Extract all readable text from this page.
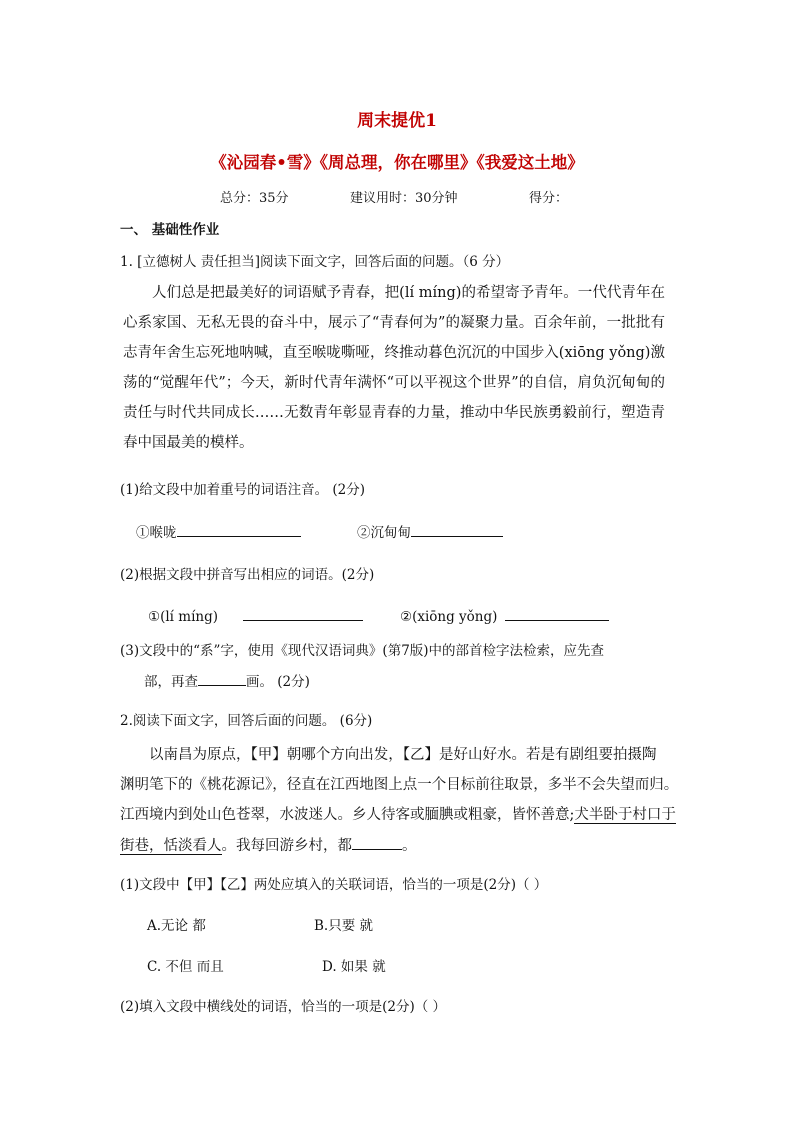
周末提优1
《沁园春•雪》《周总理，你在哪里》《我爱这土地》
总分：35分	建议用时：30分钟	得分：
一、 基础性作业
1. [立德树人 责任担当]阅读下面文字，回答后面的问题。（6 分）
人们总是把最美好的词语赋予青春，把(lí míng)的希望寄予青年。一代代青年在心系家国、无私无畏的奋斗中，展示了“青春何为”的凝聚力量。百余年前，一批批有志青年舍生忘死地呐喊，直至喉咙嘶哑，终推动暮色沉沉的中国步入(xiōng yǒng)激荡的“觉醒年代”；今天，新时代青年满怀“可以平视这个世界”的自信，肩负沉甸甸的责任与时代共同成长……无数青年彰显青春的力量，推动中华民族勇毅前行，塑造青春中国最美的模样。
(1)给文段中加着重号的词语注音。 (2分)
①喉咙	②沉甸甸
(2)根据文段中拼音写出相应的词语。(2分)
①(lí míng)	②(xiōng yǒng)
(3)文段中的“系”字，使用《现代汉语词典》(第7版)中的部首检字法检索，应先查
部，再查	画。 (2分)
2.阅读下面文字，回答后面的问题。 (6分)
以南昌为原点，【甲】朝哪个方向出发，【乙】是好山好水。若是有剧组要拍摄陶
渊明笔下的《桃花源记》，径直在江西地图上点一个目标前往取景，多半不会失望而归。
江西境内到处山色苍翠，水波迷人。乡人待客或腼腆或粗豪，皆怀善意;犬半卧于村口于
街巷，恬淡看人。我每回游乡村，都	。
(1)文段中【甲】【乙】两处应填入的关联词语，恰当的一项是(2分)（ ）
A.无论 都	B.只要 就
C. 不但 而且	D. 如果 就
(2)填入文段中横线处的词语，恰当的一项是(2分)（ ）
